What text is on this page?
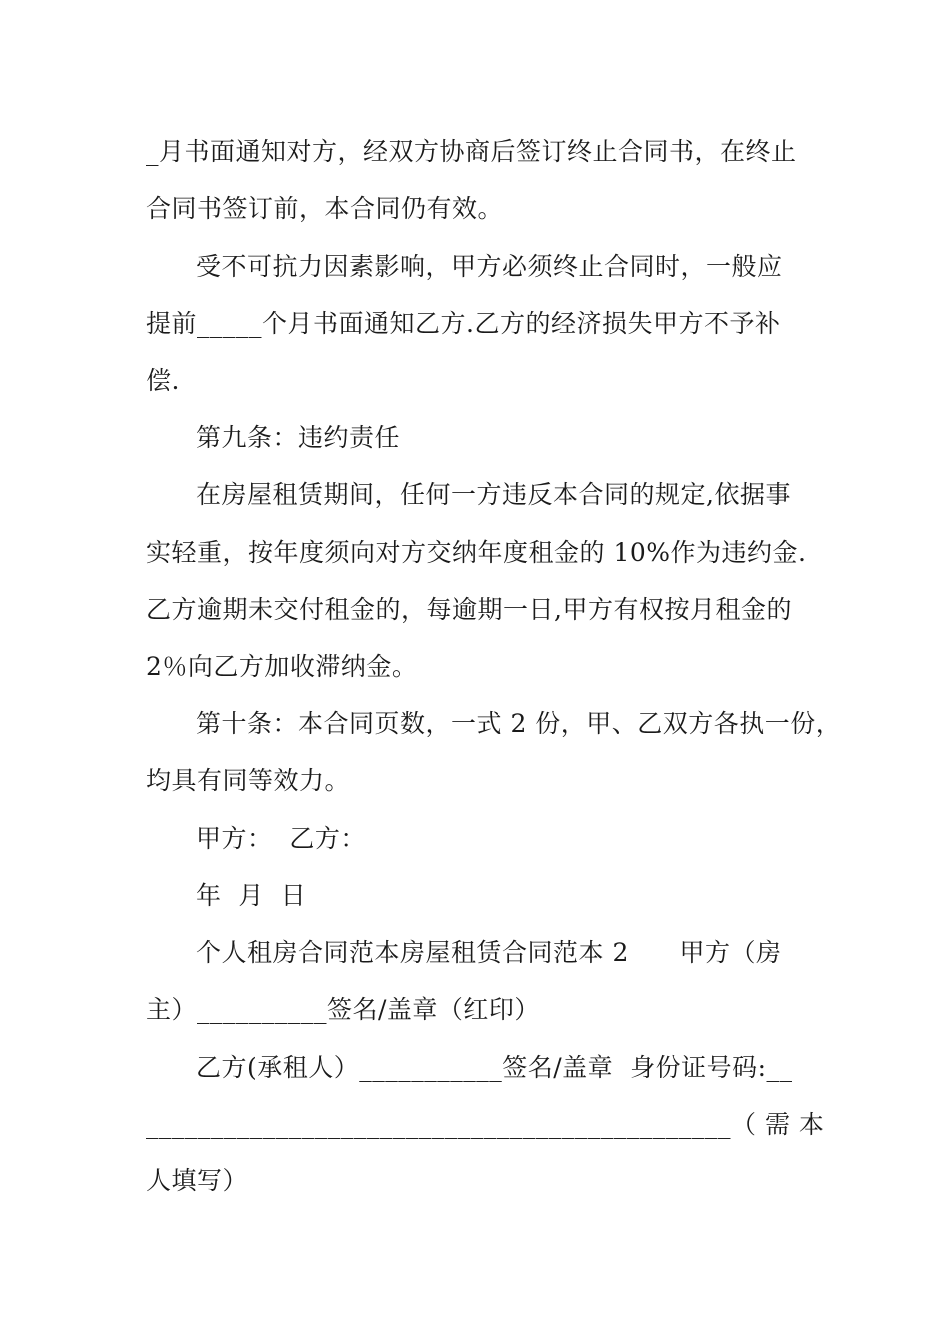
_月书面通知对方，经双方协商后签订终止合同书，在终止
合同书签订前，本合同仍有效。
受不可抗力因素影响，甲方必须终止合同时，一般应
提前_____个月书面通知乙方.乙方的经济损失甲方不予补
偿.
第九条：违约责任
在房屋租赁期间，任何一方违反本合同的规定,依据事
实轻重，按年度须向对方交纳年度租金的 10%作为违约金.
乙方逾期未交付租金的，每逾期一日,甲方有权按月租金的
2％向乙方加收滞纳金。
第十条：本合同页数，一式 2 份，甲、乙双方各执一份，
均具有同等效力。
甲方：  乙方：
年  月  日
个人租房合同范本房屋租赁合同范本 2      甲方（房
主）__________签名/盖章（红印）
乙方(承租人）___________签名/盖章  身份证号码:__
_____________________________________________（ 需 本
人填写）
